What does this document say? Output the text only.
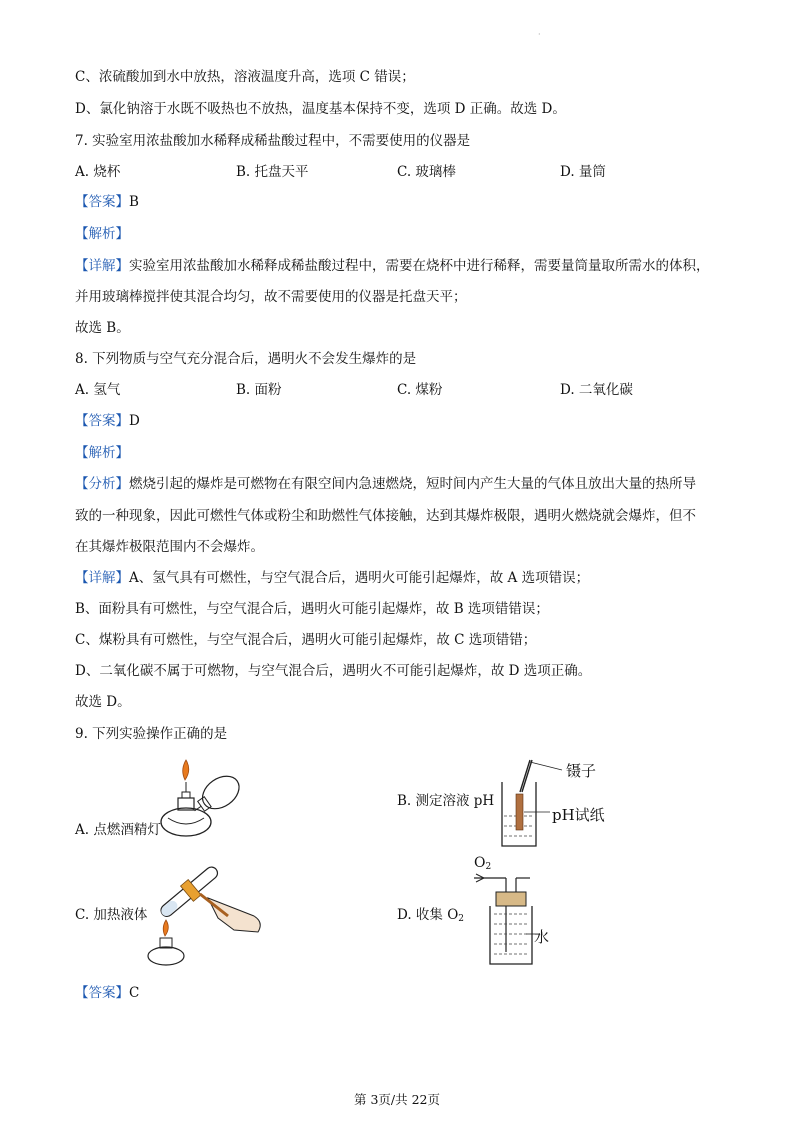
·
C、浓硫酸加到水中放热，溶液温度升高，选项 C 错误；
D、氯化钠溶于水既不吸热也不放热，温度基本保持不变，选项 D 正确。故选 D。
7. 实验室用浓盐酸加水稀释成稀盐酸过程中，不需要使用的仪器是
A. 烧杯	B. 托盘天平	C. 玻璃棒	D. 量筒
【答案】B
【解析】
【详解】实验室用浓盐酸加水稀释成稀盐酸过程中，需要在烧杯中进行稀释，需要量筒量取所需水的体积，
并用玻璃棒搅拌使其混合均匀，故不需要使用的仪器是托盘天平；
故选 B。
8. 下列物质与空气充分混合后，遇明火不会发生爆炸的是
A. 氢气	B. 面粉	C. 煤粉	D. 二氧化碳
【答案】D
【解析】
【分析】燃烧引起的爆炸是可燃物在有限空间内急速燃烧，短时间内产生大量的气体且放出大量的热所导
致的一种现象，因此可燃性气体或粉尘和助燃性气体接触，达到其爆炸极限，遇明火燃烧就会爆炸，但不
在其爆炸极限范围内不会爆炸。
【详解】A、氢气具有可燃性，与空气混合后，遇明火可能引起爆炸，故 A 选项错误；
B、面粉具有可燃性，与空气混合后，遇明火可能引起爆炸，故 B 选项错错误；
C、煤粉具有可燃性，与空气混合后，遇明火可能引起爆炸，故 C 选项错错；
D、二氧化碳不属于可燃物，与空气混合后，遇明火不可能引起爆炸，故 D 选项正确。
故选 D。
9. 下列实验操作正确的是
A. 点燃酒精灯
B. 测定溶液 pH
镊子
pH试纸
C. 加热液体	D. 收集 $O_2$
$O_2$
水
【答案】C
第 3页/共 22页
